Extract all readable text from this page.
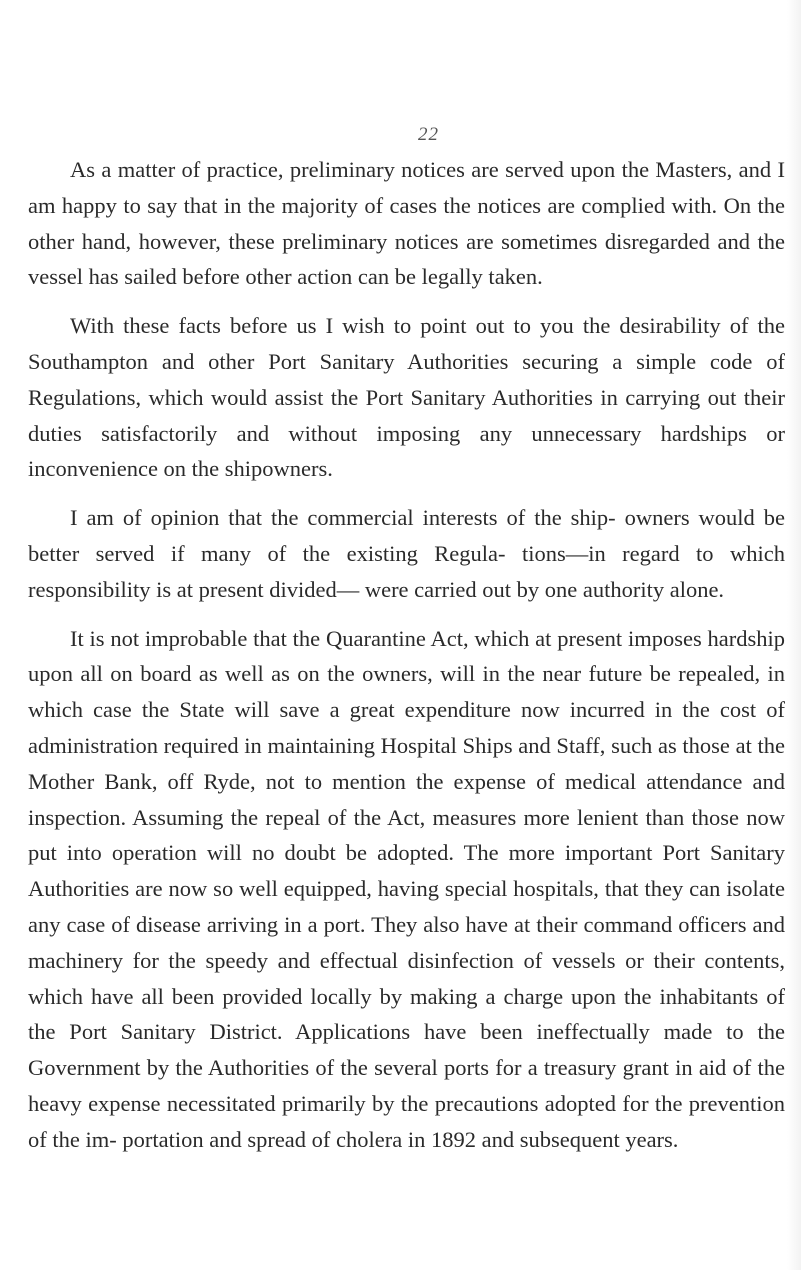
22

As a matter of practice, preliminary notices are served upon the Masters, and I am happy to say that in the majority of cases the notices are complied with. On the other hand, however, these preliminary notices are sometimes disregarded and the vessel has sailed before other action can be legally taken.

With these facts before us I wish to point out to you the desirability of the Southampton and other Port Sanitary Authorities securing a simple code of Regulations, which would assist the Port Sanitary Authorities in carrying out their duties satisfactorily and without imposing any unnecessary hardships or inconvenience on the shipowners.

I am of opinion that the commercial interests of the ship- owners would be better served if many of the existing Regula- tions—in regard to which responsibility is at present divided— were carried out by one authority alone.

It is not improbable that the Quarantine Act, which at present imposes hardship upon all on board as well as on the owners, will in the near future be repealed, in which case the State will save a great expenditure now incurred in the cost of administration required in maintaining Hospital Ships and Staff, such as those at the Mother Bank, off Ryde, not to mention the expense of medical attendance and inspection. Assuming the repeal of the Act, measures more lenient than those now put into operation will no doubt be adopted. The more important Port Sanitary Authorities are now so well equipped, having special hospitals, that they can isolate any case of disease arriving in a port. They also have at their command officers and machinery for the speedy and effectual disinfection of vessels or their contents, which have all been provided locally by making a charge upon the inhabitants of the Port Sanitary District. Applications have been ineffectually made to the Government by the Authorities of the several ports for a treasury grant in aid of the heavy expense necessitated primarily by the precautions adopted for the prevention of the im- portation and spread of cholera in 1892 and subsequent years.
